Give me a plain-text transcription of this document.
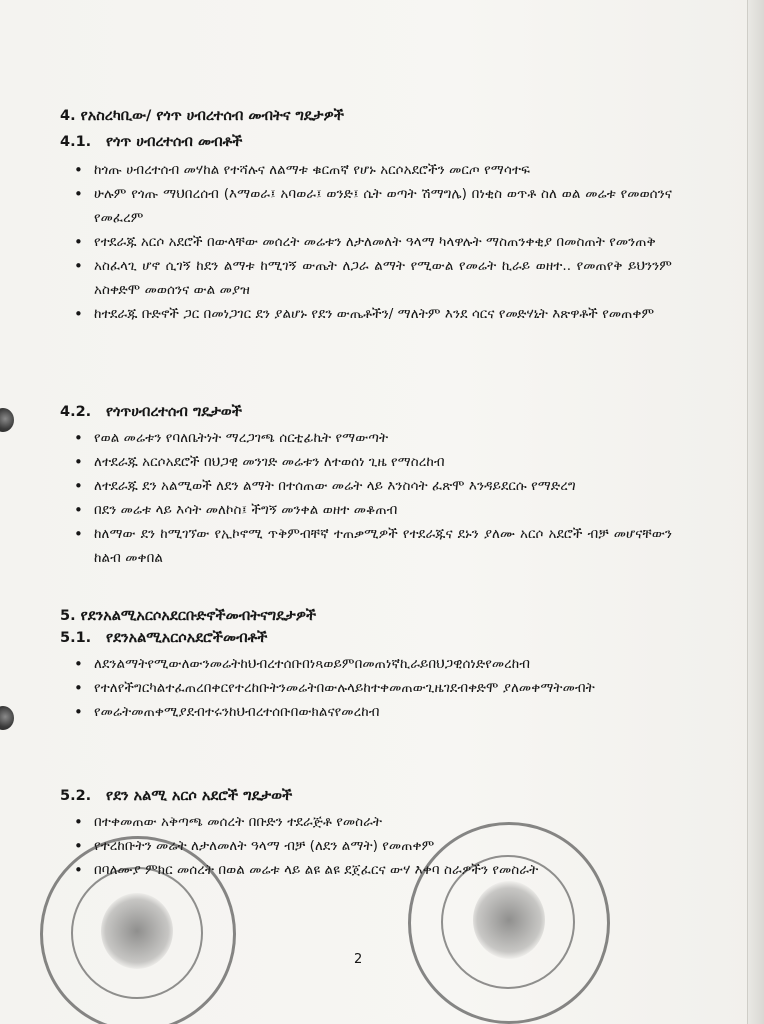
4. የአስረካቢው/ የጎጥ ሀብረተሰብ መብትና ግዴታዎች
4.1. የጎጥ ሀብረተሰብ መብቶች
• ከጎጡ ሀብረተሰብ መሃከል የተሻሉና ለልማቱ ቁርጠኛ የሆኑ አርሶአደሮችን መርጦ የማሳተፍ
• ሁሉም የጎጡ ማህበረሰብ (እማወራ፤ አባወራ፤ ወንድ፤ ሴት ወጣት ሽማግሌ) በነቂስ ወጥቶ ስለ ወል መሬቱ የመወሰንና የመፈረም
• የተደራጁ አርሶ አደሮች በውላቸው መሰረት መሬቱን ለታለመለት ዓላማ ካላዋሉት ማስጠንቀቂያ በመስጠት የመንጠቅ
• አስፈላጊ ሆኖ ሲገኝ ከደን ልማቱ ከሚገኝ ውጤት ለጋራ ልማት የሚውል የመሬት ኪራይ ወዘተ.. የመጠየቅ ይህንንም አስቀድሞ መወሰንና ውል መያዝ
• ከተደራጁ ቡድኖች ጋር በመነጋገር ደን ያልሆኑ የደን ውጤቶችን/ ማለትም እንደ ሳርና የመድሃኒት እጽዋቶች የመጠቀም
4.2. የጎጥሀብረተሰብ ግዴታወች
• የወል መሬቱን የባለቤትነት ማረጋገጫ ሰርቲፊኬት የማውጣት
• ለተደራጁ አርሶአደሮች በህጋዊ መንገድ መሬቱን ለተወሰነ ጊዜ የማስረከብ
• ለተደራጁ ደን አልሚወች ለደን ልማት በተሰጠው መሬት ላይ እንስሳት ፈጽሞ እንዳይደርሱ የማድረግ
• በደን መሬቱ ላይ እሳት መለኮስ፤ ችግኝ መንቀል ወዘተ መቆጠብ
• ከለማው ደን ከሚገኘው የኢኮኖሚ ጥቅምብቸኛ ተጠቃሚዎች የተደራጁና ደኑን ያለሙ አርሶ አደሮች ብቻ መሆናቸውን ከልብ መቀበል
5. የደንአልሚአርሶአደርቡድኖችመብትናግዴታዎች
5.1. የደንአልሚአርሶአደሮችመብቶች
• ለደንልማትየሚውለውንመሬትከህብረተሰቡበነጻወይምበመጠነኛኪራይበህጋዊሰነድየመረከብ
• የተለየችግርካልተፈጠረበቀርየተረከቡትንመሬትበውሉላይከተቀመጠውጊዜገደብቀድሞ ያለመቀማትመብት
• የመሬትመጠቀሚያደብተሩንከህብረተሰቡበውክልናየመረከብ
5.2. የደን አልሚ አርሶ አደሮች ግዴታወች
• በተቀመጠው አቅጣጫ መሰረት በቡድን ተደራጅቶ የመስራት
• የተረከቡትን መሬት ለታለመለት ዓላማ ብቻ (ለደን ልማት) የመጠቀም
• በባለሙያ ምክር መሰረት በወል መሬቱ ላይ ልዩ ልዩ ደጀፈርና ውሃ እቀባ ስራዎችን የመስራት
2
